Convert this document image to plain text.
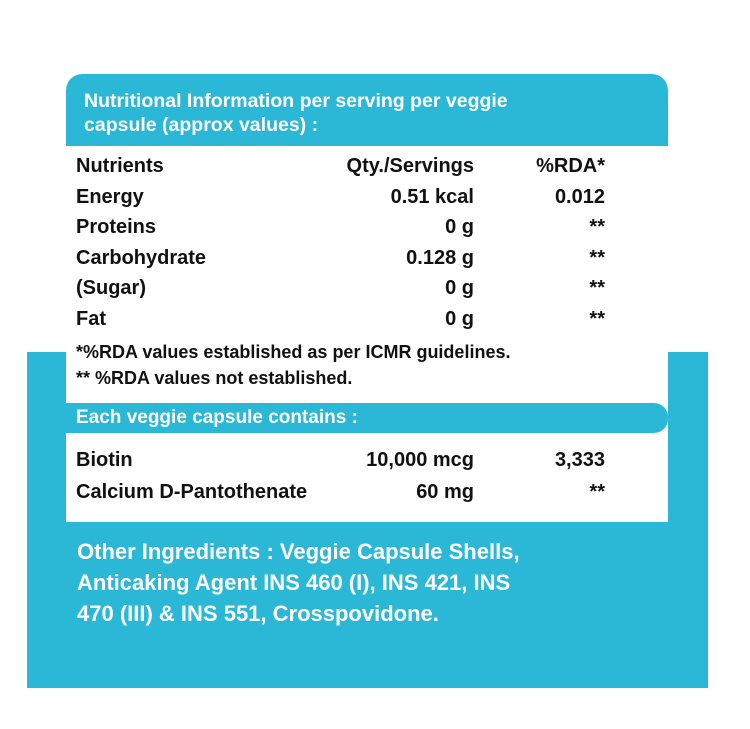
Nutritional Information per serving per veggie
capsule (approx values) :
Nutrients	Qty./Servings	%RDA*
Energy	0.51 kcal	0.012
Proteins	0 g	**
Carbohydrate	0.128 g	**
(Sugar)	0 g	**
Fat	0 g	**
*%RDA values established as per ICMR guidelines.
** %RDA values not established.
Each veggie capsule contains :
Biotin	10,000 mcg	3,333
Calcium D-Pantothenate	60 mg	**
Other Ingredients : Veggie Capsule Shells,
Anticaking Agent INS 460 (I), INS 421, INS
470 (III) & INS 551, Crosspovidone.
